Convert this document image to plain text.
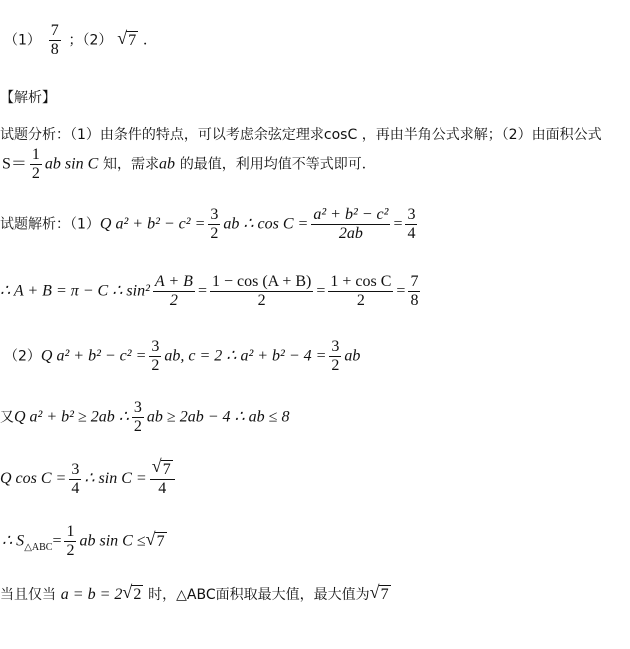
$(1) \frac{7}{8}$ ；（2） √ 7 ．
【解析】
试题分析：（1）由条件的特点，可以考虑余弦定理求cosC ，再由半角公式求解；（2）由面积公式
$S= \frac{1}{2}$ ab sin C 知，需求ab 的最值，利用均值不等式即可．
试题解析：（1）Q $a^2 + b^2 - c^2 = \frac{3}{2}$ ab ∴ $\cos C = \frac{\text{a² + b² − c²}}{2ab} = \frac{3}{4}$
∴ A + B = π − C ∴ $\sin^2 \frac{A + B}{2} = \frac{1 - \cos (A + B)}{2} = \frac{\text{1 + cos C}}{2} = \frac{7}{8}$
（2）Q $a^2 + b^2 - c^2 = \frac{3}{2}$ ab, c = 2 ∴ $a^2 + b^2 - 4 = \frac{3}{2}$ ab
又Q a² + b² ≥ 2ab ∴ $\frac{3}{2}$ ab ≥ 2ab − 4 ∴ ab ≤ 8
Q $\cos C = \frac{3}{4}$ ∴ $\sin C = \frac{√ 7}{4}$
∴ $S_{\triangle ABC}= \frac{1}{2}$ ab sin C ≤ √ 7
当且仅当 a = b = 2 √ 2 时，△ABC面积取最大值，最大值为 √ 7
